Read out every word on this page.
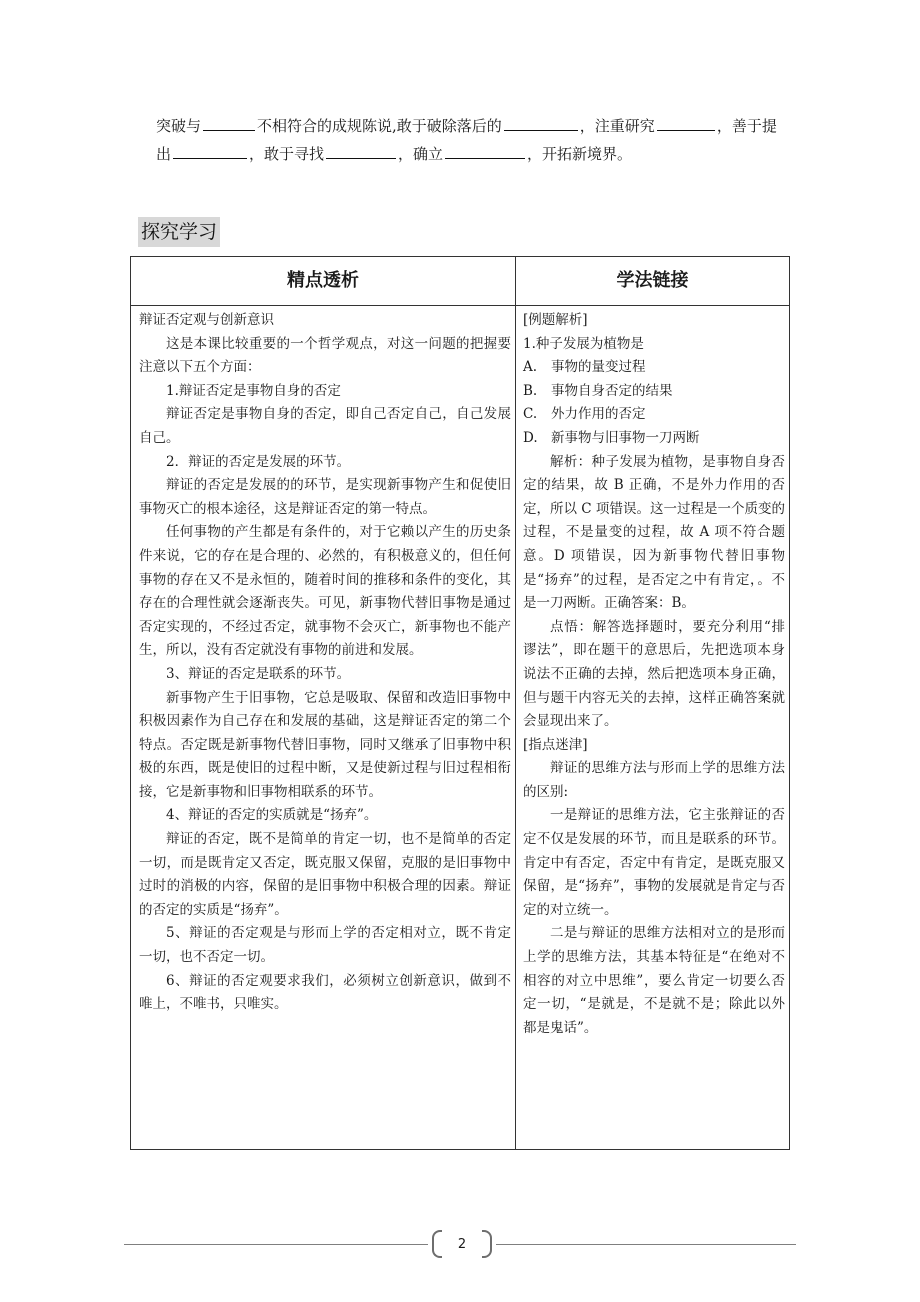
突破与	不相符合的成规陈说,敢于破除落后的	，注重研究	，善于提出	，敢于寻找	，确立	，开拓新境界。
探究学习
精点透析	学法链接

辩证否定观与创新意识

这是本课比较重要的一个哲学观点，对这一问题的把握要注意以下五个方面：

1.辩证否定是事物自身的否定

辩证否定是事物自身的否定，即自己否定自己，自己发展自己。

2．辩证的否定是发展的环节。

辩证的否定是发展的的环节，是实现新事物产生和促使旧事物灭亡的根本途径，这是辩证否定的第一特点。

任何事物的产生都是有条件的，对于它赖以产生的历史条件来说，它的存在是合理的、必然的，有积极意义的，但任何事物的存在又不是永恒的，随着时间的推移和条件的变化，其存在的合理性就会逐渐丧失。可见，新事物代替旧事物是通过否定实现的，不经过否定，就事物不会灭亡，新事物也不能产生，所以，没有否定就没有事物的前进和发展。

3、辩证的否定是联系的环节。

新事物产生于旧事物，它总是吸取、保留和改造旧事物中积极因素作为自己存在和发展的基础，这是辩证否定的第二个特点。否定既是新事物代替旧事物，同时又继承了旧事物中积极的东西，既是使旧的过程中断，又是使新过程与旧过程相衔接，它是新事物和旧事物相联系的环节。

4、辩证的否定的实质就是“扬弃”。

辩证的否定，既不是简单的肯定一切，也不是简单的否定一切，而是既肯定又否定，既克服又保留，克服的是旧事物中过时的消极的内容，保留的是旧事物中积极合理的因素。辩证的否定的实质是“扬弃”。

5、辩证的否定观是与形而上学的否定相对立，既不肯定一切，也不否定一切。

6、辩证的否定观要求我们，必须树立创新意识，做到不唯上，不唯书，只唯实。

[例题解析]

1.种子发展为植物是

A.	事物的量变过程
B.	事物自身否定的结果
C.	外力作用的否定
D. 新事物与旧事物一刀两断

解析：种子发展为植物，是事物自身否定的结果，故 B 正确，不是外力作用的否定，所以 C 项错误。这一过程是一个质变的过程，不是量变的过程，故 A 项不符合题意。D 项错误，因为新事物代替旧事物是“扬弃”的过程，是否定之中有肯定，。不是一刀两断。正确答案：B。

点悟：解答选择题时，要充分利用“排谬法”，即在题干的意思后，先把选项本身说法不正确的去掉，然后把选项本身正确，但与题干内容无关的去掉，这样正确答案就会显现出来了。

[指点迷津]

辩证的思维方法与形而上学的思维方法的区别:

一是辩证的思维方法，它主张辩证的否定不仅是发展的环节，而且是联系的环节。肯定中有否定，否定中有肯定，是既克服又保留，是“扬弃”，事物的发展就是肯定与否定的对立统一。

二是与辩证的思维方法相对立的是形而上学的思维方法，其基本特征是“在绝对不相容的对立中思维”，要么肯定一切要么否定一切，“是就是，不是就不是；除此以外都是鬼话”。

2
